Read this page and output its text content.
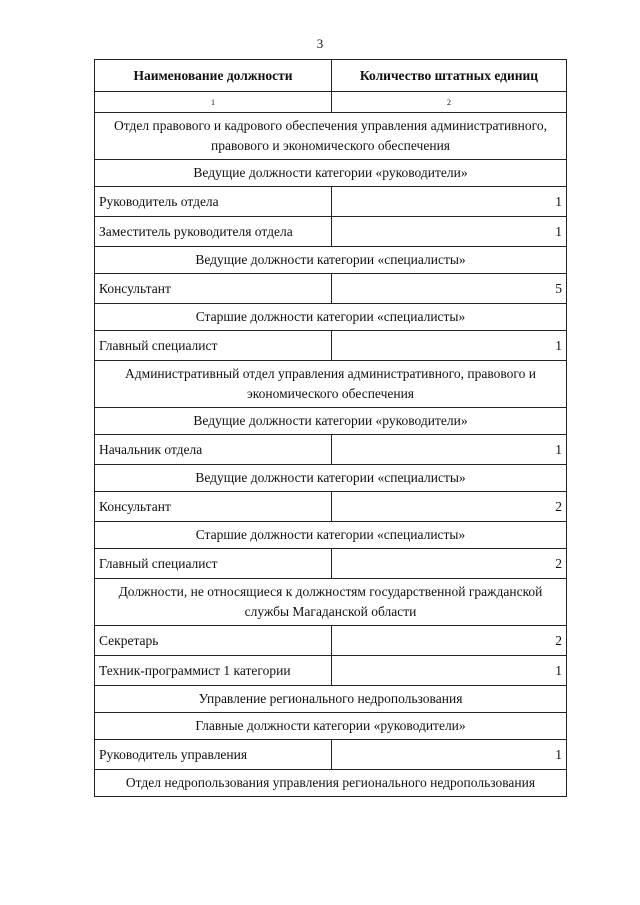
3
Наименование должности	Количество штатных единиц
1	2
Отдел правового и кадрового обеспечения управления административного, правового и экономического обеспечения	
Ведущие должности категории «руководители»	
Руководитель отдела	1
Заместитель руководителя отдела	1
Ведущие должности категории «специалисты»	
Консультант	5
Старшие должности категории «специалисты»	
Главный специалист	1
Административный отдел управления административного, правового и экономического обеспечения	
Ведущие должности категории «руководители»	
Начальник отдела	1
Ведущие должности категории «специалисты»	
Консультант	2
Старшие должности категории «специалисты»	
Главный специалист	2
Должности, не относящиеся к должностям государственной гражданской службы Магаданской области	
Секретарь	2
Техник-программист 1 категории	1
Управление регионального недропользования	
Главные должности категории «руководители»	
Руководитель управления	1
Отдел недропользования управления регионального недропользования	
